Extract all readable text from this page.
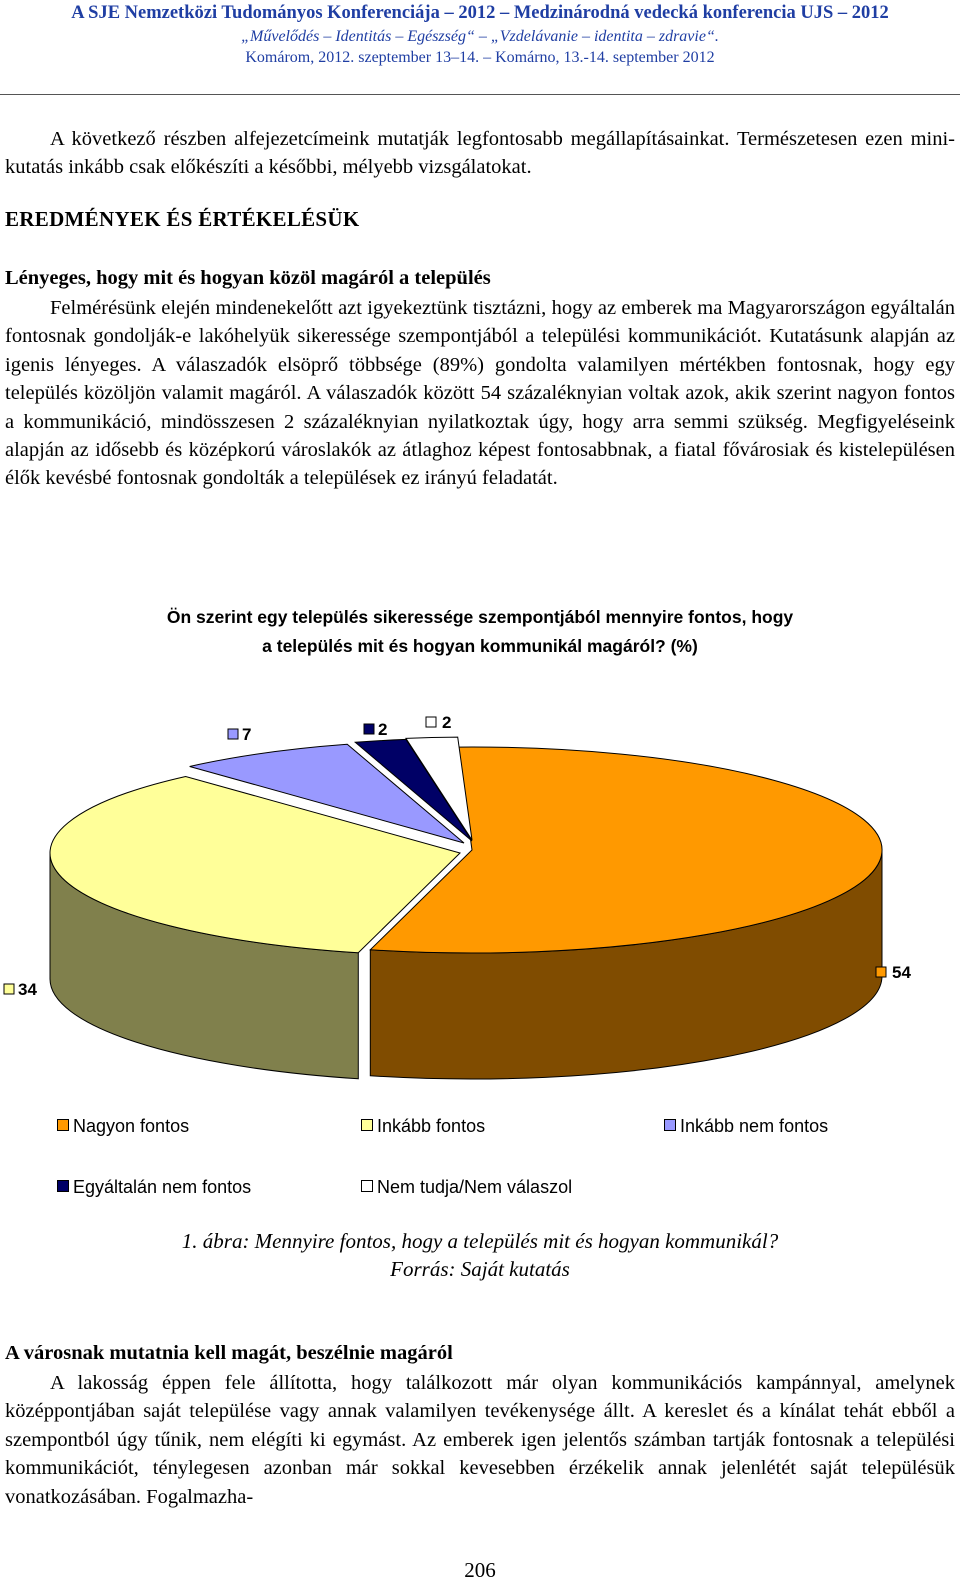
A SJE Nemzetközi Tudományos Konferenciája – 2012 – Medzinárodná vedecká konferencia UJS – 2012
„Művelődés – Identitás – Egészség“ – „Vzdelávanie – identita – zdravie“.
Komárom, 2012. szeptember 13–14. – Komárno, 13.-14. september 2012
A következő részben alfejezetcímeink mutatják legfontosabb megállapításainkat. Természetesen ezen mini-kutatás inkább csak előkészíti a későbbi, mélyebb vizsgálatokat.
EREDMÉNYEK ÉS ÉRTÉKELÉSÜK
Lényeges, hogy mit és hogyan közöl magáról a település
Felmérésünk elején mindenekelőtt azt igyekeztünk tisztázni, hogy az emberek ma Magyarországon egyáltalán fontosnak gondolják-e lakóhelyük sikeressége szempontjából a települési kommunikációt. Kutatásunk alapján az igenis lényeges. A válaszadók elsöprő többsége (89%) gondolta valamilyen mértékben fontosnak, hogy egy település közöljön valamit magáról. A válaszadók között 54 százaléknyian voltak azok, akik szerint nagyon fontos a kommunikáció, mindösszesen 2 százaléknyian nyilatkoztak úgy, hogy arra semmi szükség. Megfigyeléseink alapján az idősebb és középkorú városlakók az átlaghoz képest fontosabbnak, a fiatal fővárosiak és kistelepülésen élők kevésbé fontosnak gondolták a települések ez irányú feladatát.
Ön szerint egy település sikeressége szempontjából mennyire fontos, hogy
a település mit és hogyan kommunikál magáról? (%)
54
34
7	2	2
Nagyon fontos	Inkább fontos	Inkább nem fontos
Egyáltalán nem fontos	Nem tudja/Nem válaszol
1. ábra: Mennyire fontos, hogy a település mit és hogyan kommunikál?
Forrás: Saját kutatás
A városnak mutatnia kell magát, beszélnie magáról
A lakosság éppen fele állította, hogy találkozott már olyan kommunikációs kampánnyal, amelynek középpontjában saját települése vagy annak valamilyen tevékenysége állt. A kereslet és a kínálat tehát ebből a szempontból úgy tűnik, nem elégíti ki egymást. Az emberek igen jelentős számban tartják fontosnak a települési kommunikációt, ténylegesen azonban már sokkal kevesebben érzékelik annak jelenlétét saját településük vonatkozásában. Fogalmazha-
206
